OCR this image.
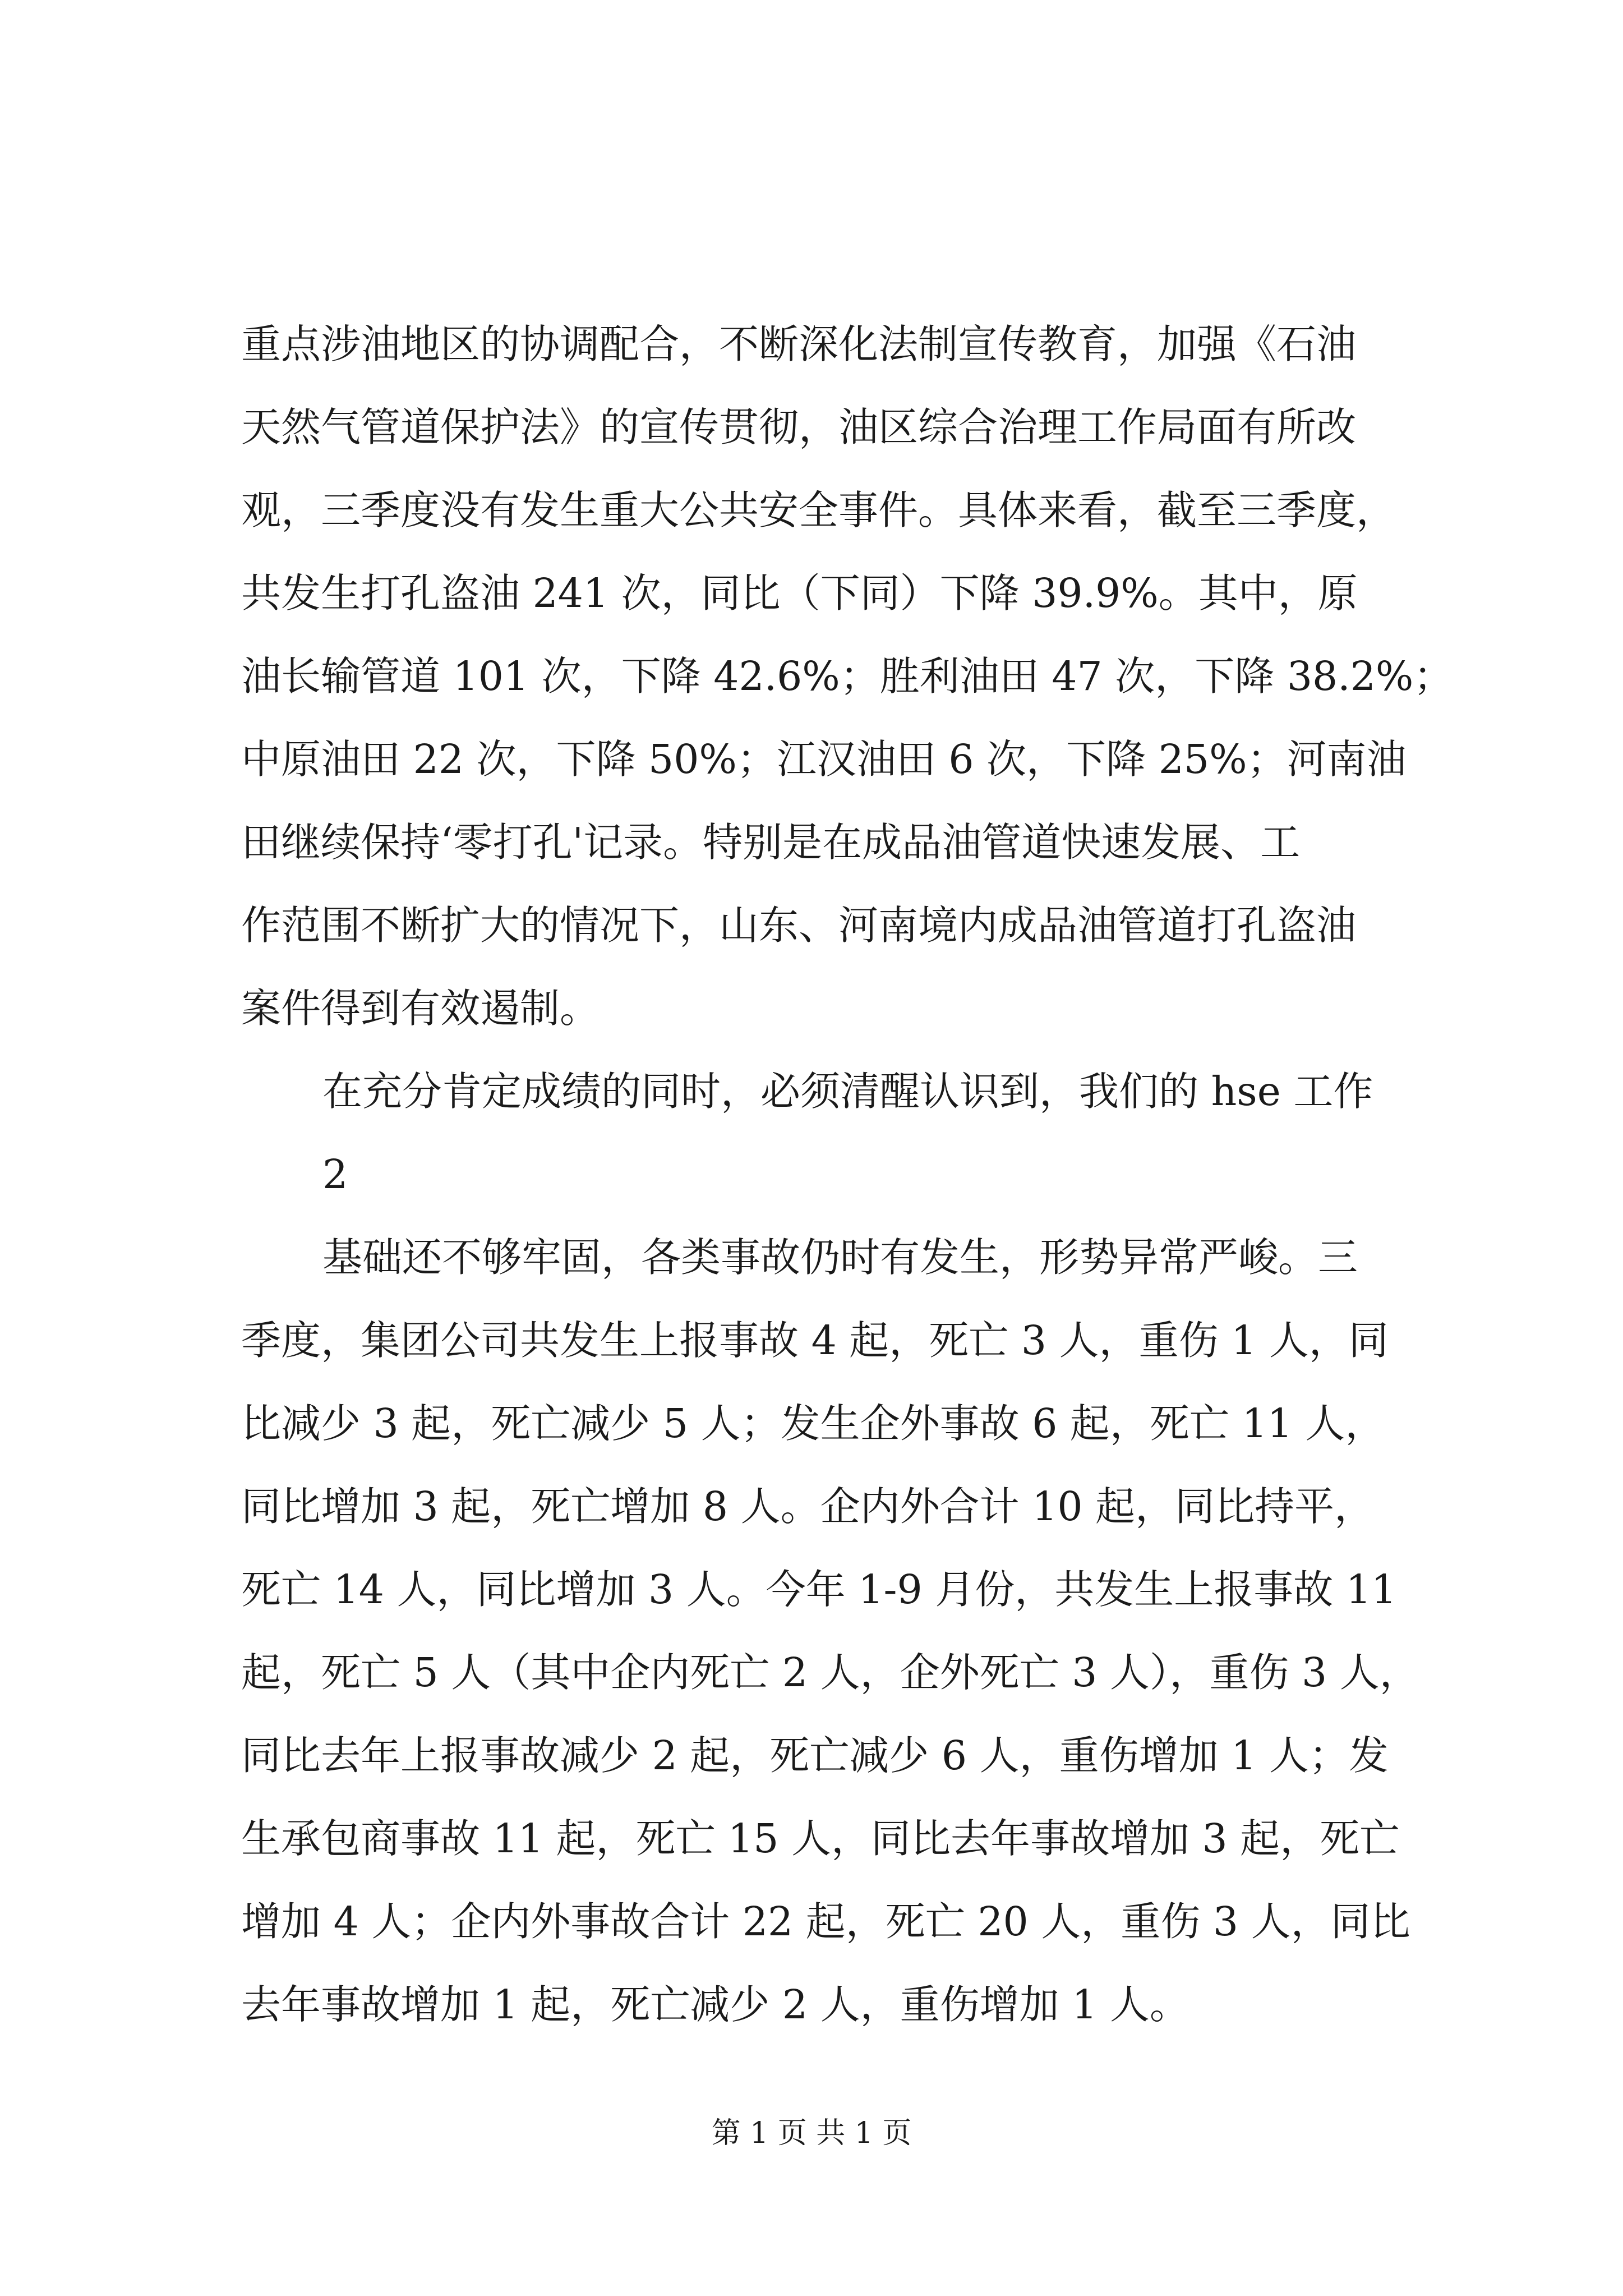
重点涉油地区的协调配合，不断深化法制宣传教育，加强《石油
天然气管道保护法》的宣传贯彻，油区综合治理工作局面有所改
观，三季度没有发生重大公共安全事件。具体来看，截至三季度，
共发生打孔盗油 241 次，同比（下同）下降 39.9%。其中，原
油长输管道 101 次，下降 42.6%；胜利油田 47 次，下降 38.2%；
中原油田 22 次，下降 50%；江汉油田 6 次，下降 25%；河南油
田继续保持‘零打孔'记录。特别是在成品油管道快速发展、工
作范围不断扩大的情况下，山东、河南境内成品油管道打孔盗油
案件得到有效遏制。
在充分肯定成绩的同时，必须清醒认识到，我们的 hse 工作
2
基础还不够牢固，各类事故仍时有发生，形势异常严峻。三
季度，集团公司共发生上报事故 4 起，死亡 3 人，重伤 1 人，同
比减少 3 起，死亡减少 5 人；发生企外事故 6 起，死亡 11 人，
同比增加 3 起，死亡增加 8 人。企内外合计 10 起，同比持平，
死亡 14 人，同比增加 3 人。今年 1-9 月份，共发生上报事故 11
起，死亡 5 人（其中企内死亡 2 人，企外死亡 3 人），重伤 3 人，
同比去年上报事故减少 2 起，死亡减少 6 人，重伤增加 1 人；发
生承包商事故 11 起，死亡 15 人，同比去年事故增加 3 起，死亡
增加 4 人；企内外事故合计 22 起，死亡 20 人，重伤 3 人，同比
去年事故增加 1 起，死亡减少 2 人，重伤增加 1 人。
第 1 页 共 1 页
